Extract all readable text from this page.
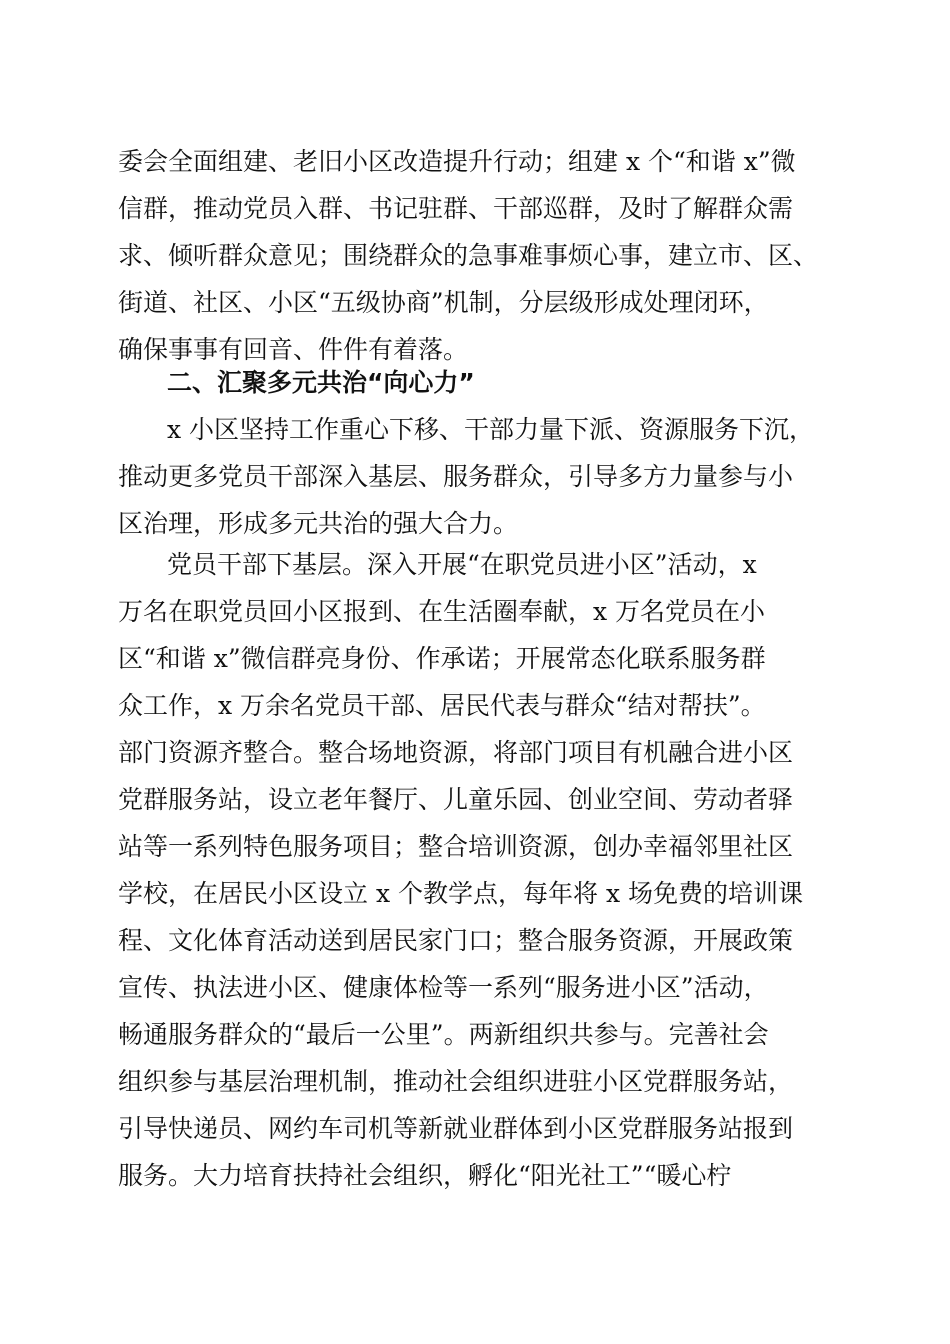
委会全面组建、老旧小区改造提升行动；组建 x 个“和谐 x”微
信群，推动党员入群、书记驻群、干部巡群，及时了解群众需
求、倾听群众意见；围绕群众的急事难事烦心事，建立市、区、
街道、社区、小区“五级协商”机制，分层级形成处理闭环，
确保事事有回音、件件有着落。
二、汇聚多元共治“向心力”
x 小区坚持工作重心下移、干部力量下派、资源服务下沉，
推动更多党员干部深入基层、服务群众，引导多方力量参与小
区治理，形成多元共治的强大合力。
党员干部下基层。深入开展“在职党员进小区”活动，x
万名在职党员回小区报到、在生活圈奉献，x 万名党员在小
区“和谐 x”微信群亮身份、作承诺；开展常态化联系服务群
众工作，x 万余名党员干部、居民代表与群众“结对帮扶”。
部门资源齐整合。整合场地资源，将部门项目有机融合进小区
党群服务站，设立老年餐厅、儿童乐园、创业空间、劳动者驿
站等一系列特色服务项目；整合培训资源，创办幸福邻里社区
学校，在居民小区设立 x 个教学点，每年将 x 场免费的培训课
程、文化体育活动送到居民家门口；整合服务资源，开展政策
宣传、执法进小区、健康体检等一系列“服务进小区”活动，
畅通服务群众的“最后一公里”。两新组织共参与。完善社会
组织参与基层治理机制，推动社会组织进驻小区党群服务站，
引导快递员、网约车司机等新就业群体到小区党群服务站报到
服务。大力培育扶持社会组织，孵化“阳光社工”“暖心柠
